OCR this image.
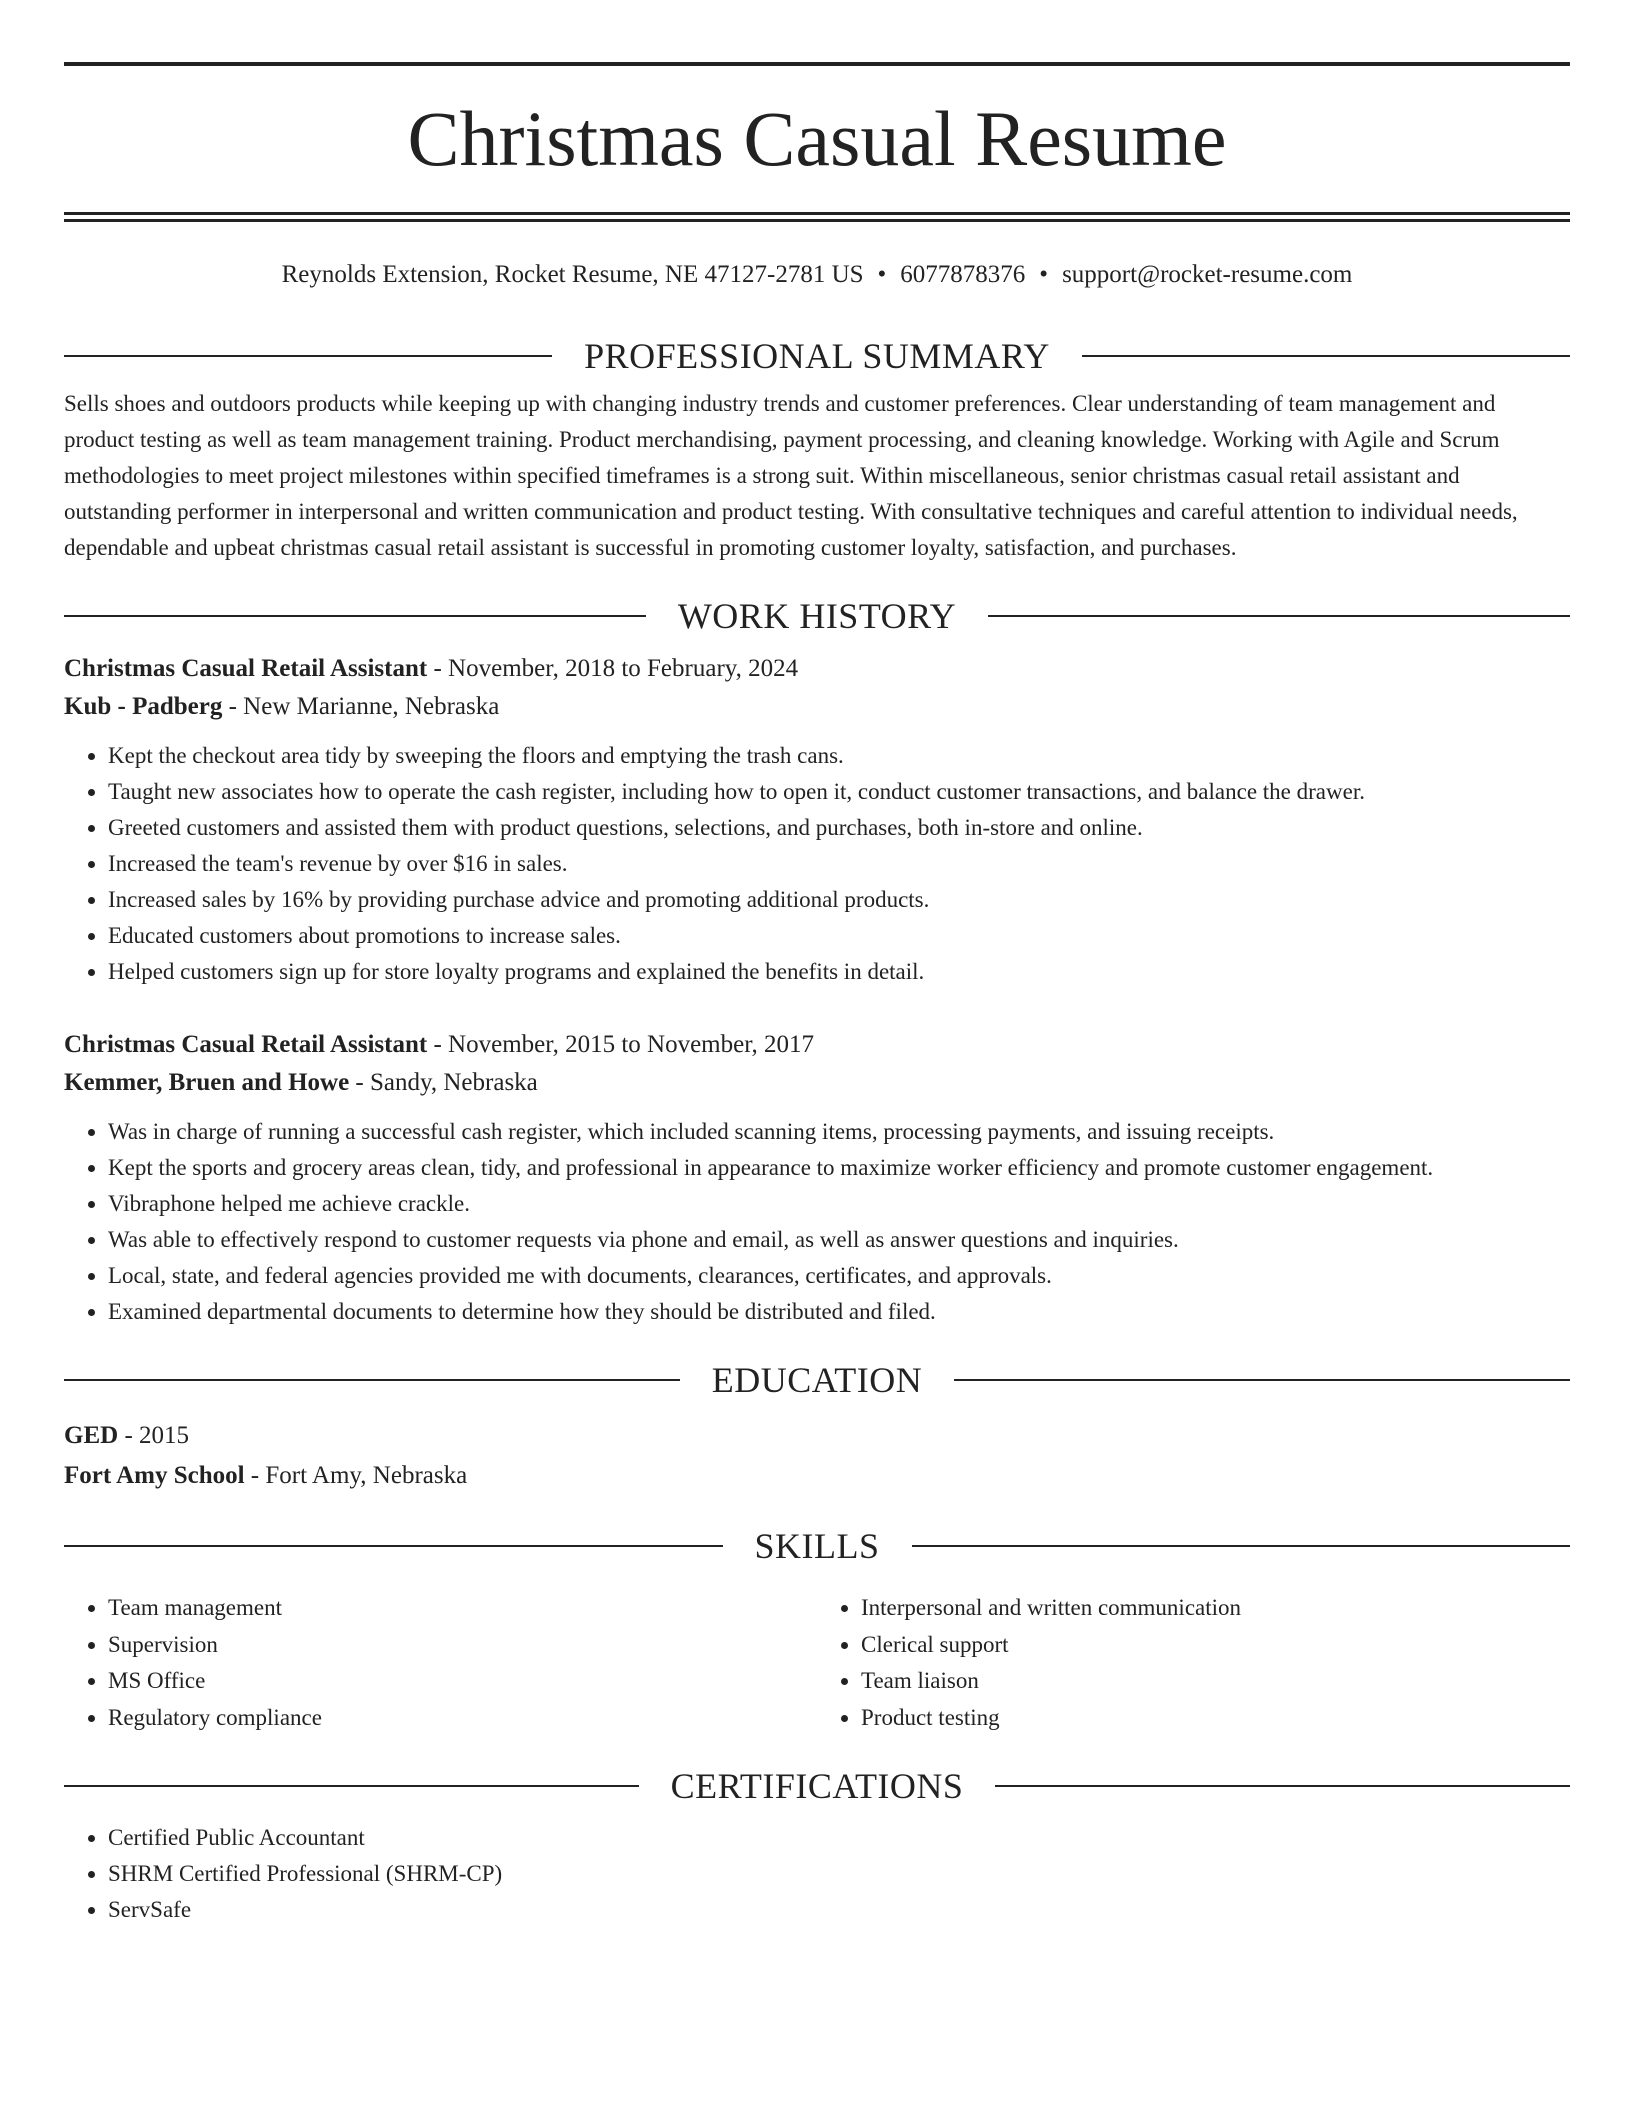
Christmas Casual Resume
Reynolds Extension, Rocket Resume, NE 47127-2781 US • 6077878376 • support@rocket-resume.com
PROFESSIONAL SUMMARY

Sells shoes and outdoors products while keeping up with changing industry trends and customer preferences. Clear understanding of team management and product testing as well as team management training. Product merchandising, payment processing, and cleaning knowledge. Working with Agile and Scrum methodologies to meet project milestones within specified timeframes is a strong suit. Within miscellaneous, senior christmas casual retail assistant and outstanding performer in interpersonal and written communication and product testing. With consultative techniques and careful attention to individual needs, dependable and upbeat christmas casual retail assistant is successful in promoting customer loyalty, satisfaction, and purchases.

WORK HISTORY
Christmas Casual Retail Assistant - November, 2018 to February, 2024
Kub - Padberg - New Marianne, Nebraska
• Kept the checkout area tidy by sweeping the floors and emptying the trash cans.
• Taught new associates how to operate the cash register, including how to open it, conduct customer transactions, and balance the drawer.
• Greeted customers and assisted them with product questions, selections, and purchases, both in-store and online.
• Increased the team's revenue by over $16 in sales.
• Increased sales by 16% by providing purchase advice and promoting additional products.
• Educated customers about promotions to increase sales.
• Helped customers sign up for store loyalty programs and explained the benefits in detail.
Christmas Casual Retail Assistant - November, 2015 to November, 2017
Kemmer, Bruen and Howe - Sandy, Nebraska
• Was in charge of running a successful cash register, which included scanning items, processing payments, and issuing receipts.
• Kept the sports and grocery areas clean, tidy, and professional in appearance to maximize worker efficiency and promote customer engagement.
• Vibraphone helped me achieve crackle.
• Was able to effectively respond to customer requests via phone and email, as well as answer questions and inquiries.
• Local, state, and federal agencies provided me with documents, clearances, certificates, and approvals.
• Examined departmental documents to determine how they should be distributed and filed.
EDUCATION
GED - 2015
Fort Amy School - Fort Amy, Nebraska
SKILLS
• Team management
• Supervision
• MS Office
• Regulatory compliance
• Interpersonal and written communication
• Clerical support
• Team liaison
• Product testing
CERTIFICATIONS
• Certified Public Accountant
• SHRM Certified Professional (SHRM-CP)
• ServSafe
